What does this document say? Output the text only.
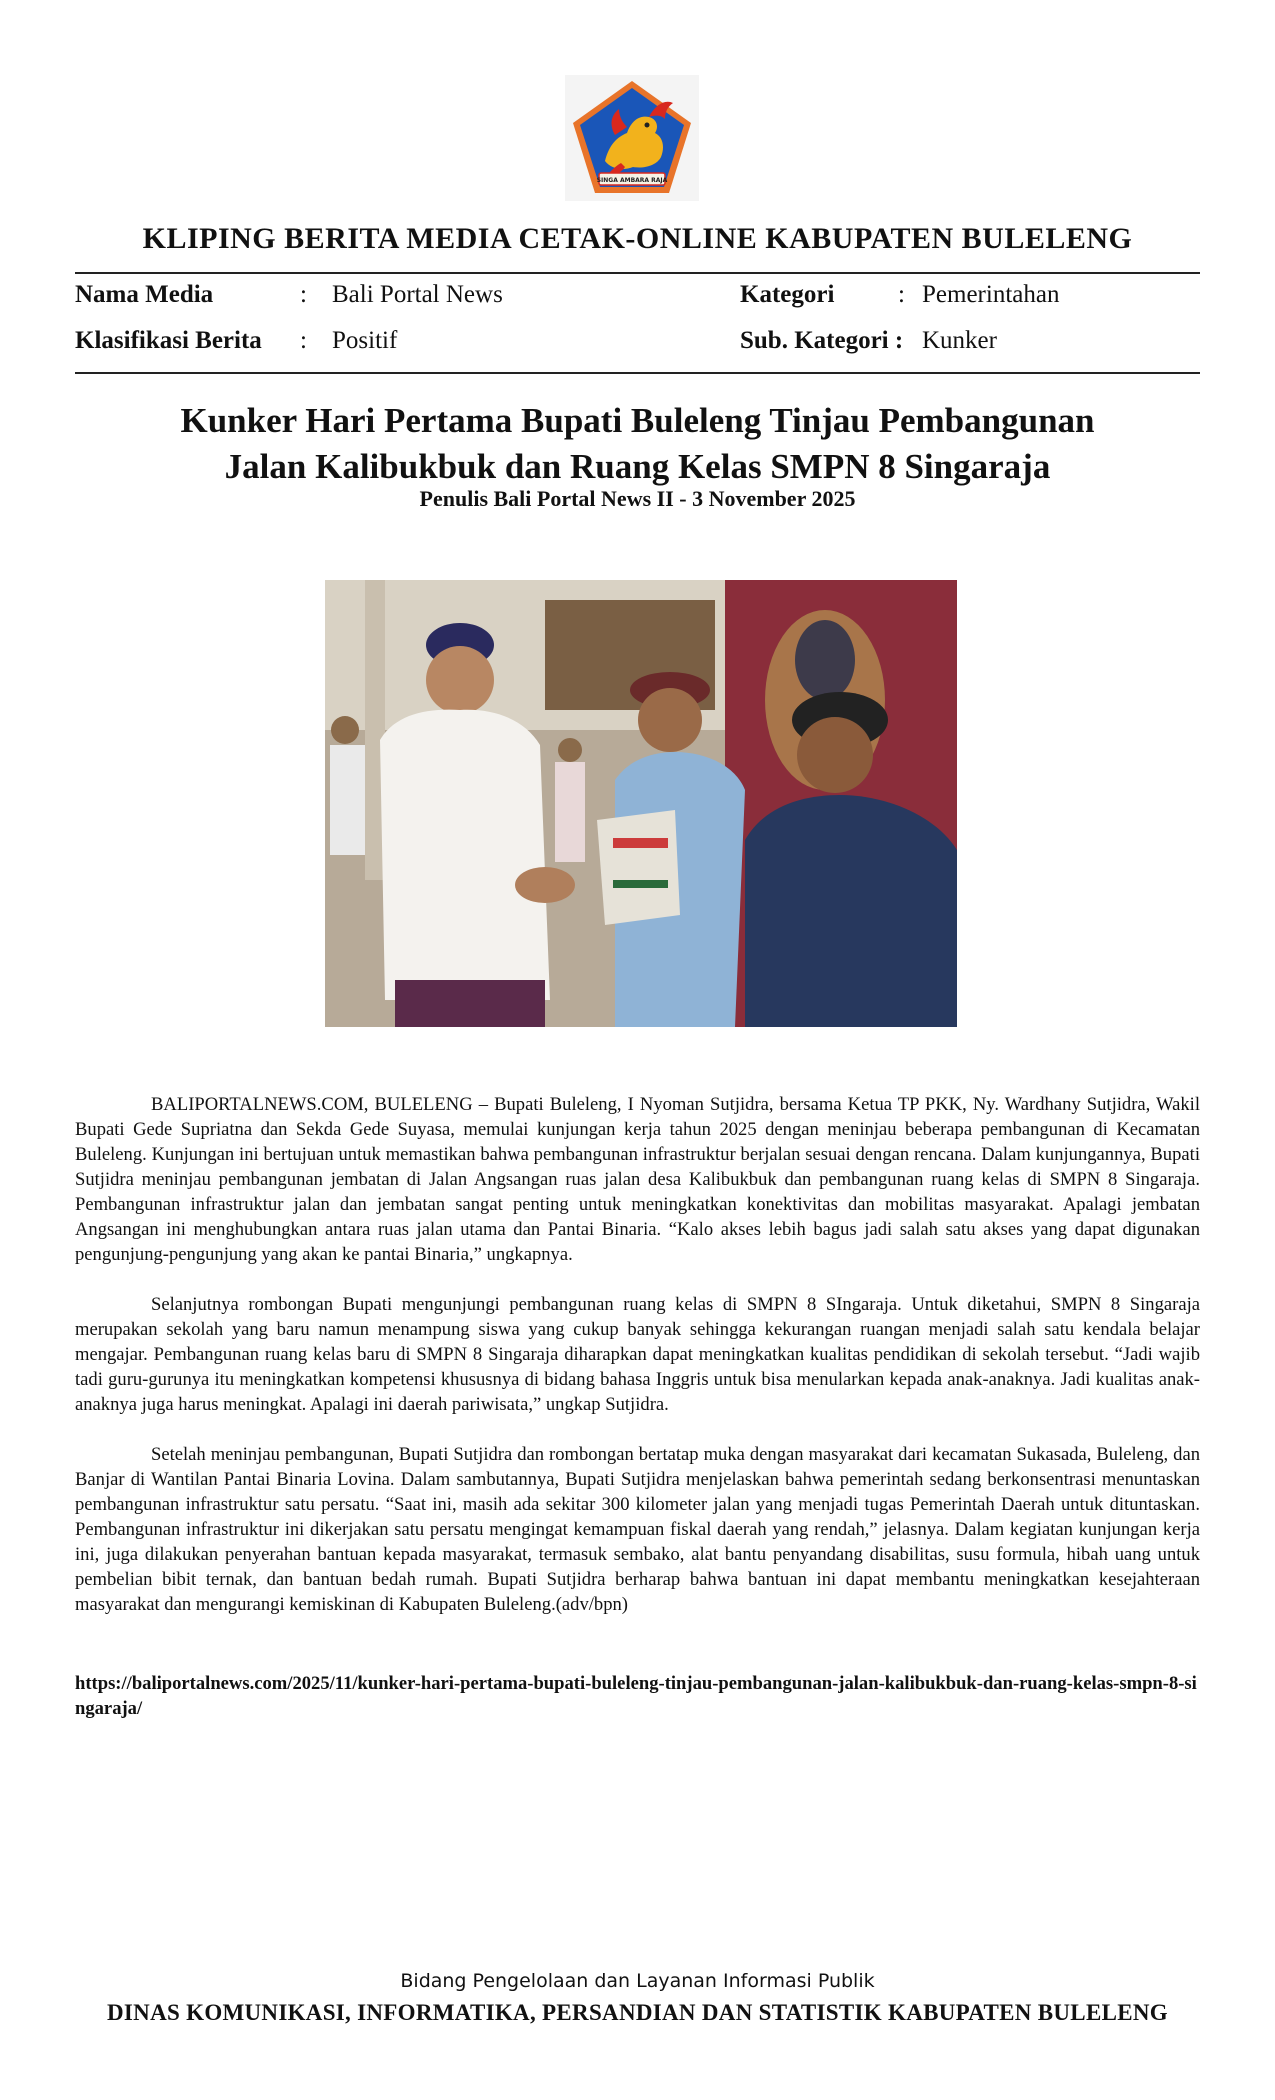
SINGA AMBARA RAJA
KLIPING BERITA MEDIA CETAK-ONLINE KABUPATEN BULELENG
Nama Media	: Bali Portal News	Kategori	: Pemerintahan
Klasifikasi Berita : Positif	Sub. Kategori : Kunker
Kunker Hari Pertama Bupati Buleleng Tinjau Pembangunan
Jalan Kalibukbuk dan Ruang Kelas SMPN 8 Singaraja
Penulis Bali Portal News II - 3 November 2025

BALIPORTALNEWS.COM, BULELENG – Bupati Buleleng, I Nyoman Sutjidra, bersama Ketua TP PKK, Ny. Wardhany Sutjidra, Wakil Bupati Gede Supriatna dan Sekda Gede Suyasa, memulai kunjungan kerja tahun 2025 dengan meninjau beberapa pembangunan di Kecamatan Buleleng. Kunjungan ini bertujuan untuk memastikan bahwa pembangunan infrastruktur berjalan sesuai dengan rencana. Dalam kunjungannya, Bupati Sutjidra meninjau pembangunan jembatan di Jalan Angsangan ruas jalan desa Kalibukbuk dan pembangunan ruang kelas di SMPN 8 Singaraja. Pembangunan infrastruktur jalan dan jembatan sangat penting untuk meningkatkan konektivitas dan mobilitas masyarakat. Apalagi jembatan Angsangan ini menghubungkan antara ruas jalan utama dan Pantai Binaria. “Kalo akses lebih bagus jadi salah satu akses yang dapat digunakan pengunjung-pengunjung yang akan ke pantai Binaria,” ungkapnya.

Selanjutnya rombongan Bupati mengunjungi pembangunan ruang kelas di SMPN 8 SIngaraja. Untuk diketahui, SMPN 8 Singaraja merupakan sekolah yang baru namun menampung siswa yang cukup banyak sehingga kekurangan ruangan menjadi salah satu kendala belajar mengajar. Pembangunan ruang kelas baru di SMPN 8 Singaraja diharapkan dapat meningkatkan kualitas pendidikan di sekolah tersebut. “Jadi wajib tadi guru-gurunya itu meningkatkan kompetensi khususnya di bidang bahasa Inggris untuk bisa menularkan kepada anak-anaknya. Jadi kualitas anak-anaknya juga harus meningkat. Apalagi ini daerah pariwisata,” ungkap Sutjidra.

Setelah meninjau pembangunan, Bupati Sutjidra dan rombongan bertatap muka dengan masyarakat dari kecamatan Sukasada, Buleleng, dan Banjar di Wantilan Pantai Binaria Lovina. Dalam sambutannya, Bupati Sutjidra menjelaskan bahwa pemerintah sedang berkonsentrasi menuntaskan pembangunan infrastruktur satu persatu. “Saat ini, masih ada sekitar 300 kilometer jalan yang menjadi tugas Pemerintah Daerah untuk dituntaskan. Pembangunan infrastruktur ini dikerjakan satu persatu mengingat kemampuan fiskal daerah yang rendah,” jelasnya. Dalam kegiatan kunjungan kerja ini, juga dilakukan penyerahan bantuan kepada masyarakat, termasuk sembako, alat bantu penyandang disabilitas, susu formula, hibah uang untuk pembelian bibit ternak, dan bantuan bedah rumah. Bupati Sutjidra berharap bahwa bantuan ini dapat membantu meningkatkan kesejahteraan masyarakat dan mengurangi kemiskinan di Kabupaten Buleleng.(adv/bpn)

https://baliportalnews.com/2025/11/kunker-hari-pertama-bupati-buleleng-tinjau-pembangunan-jalan-kalibukbuk-dan-ruang-kelas-smpn-8-singaraja/
Bidang Pengelolaan dan Layanan Informasi Publik
DINAS KOMUNIKASI, INFORMATIKA, PERSANDIAN DAN STATISTIK KABUPATEN BULELENG
